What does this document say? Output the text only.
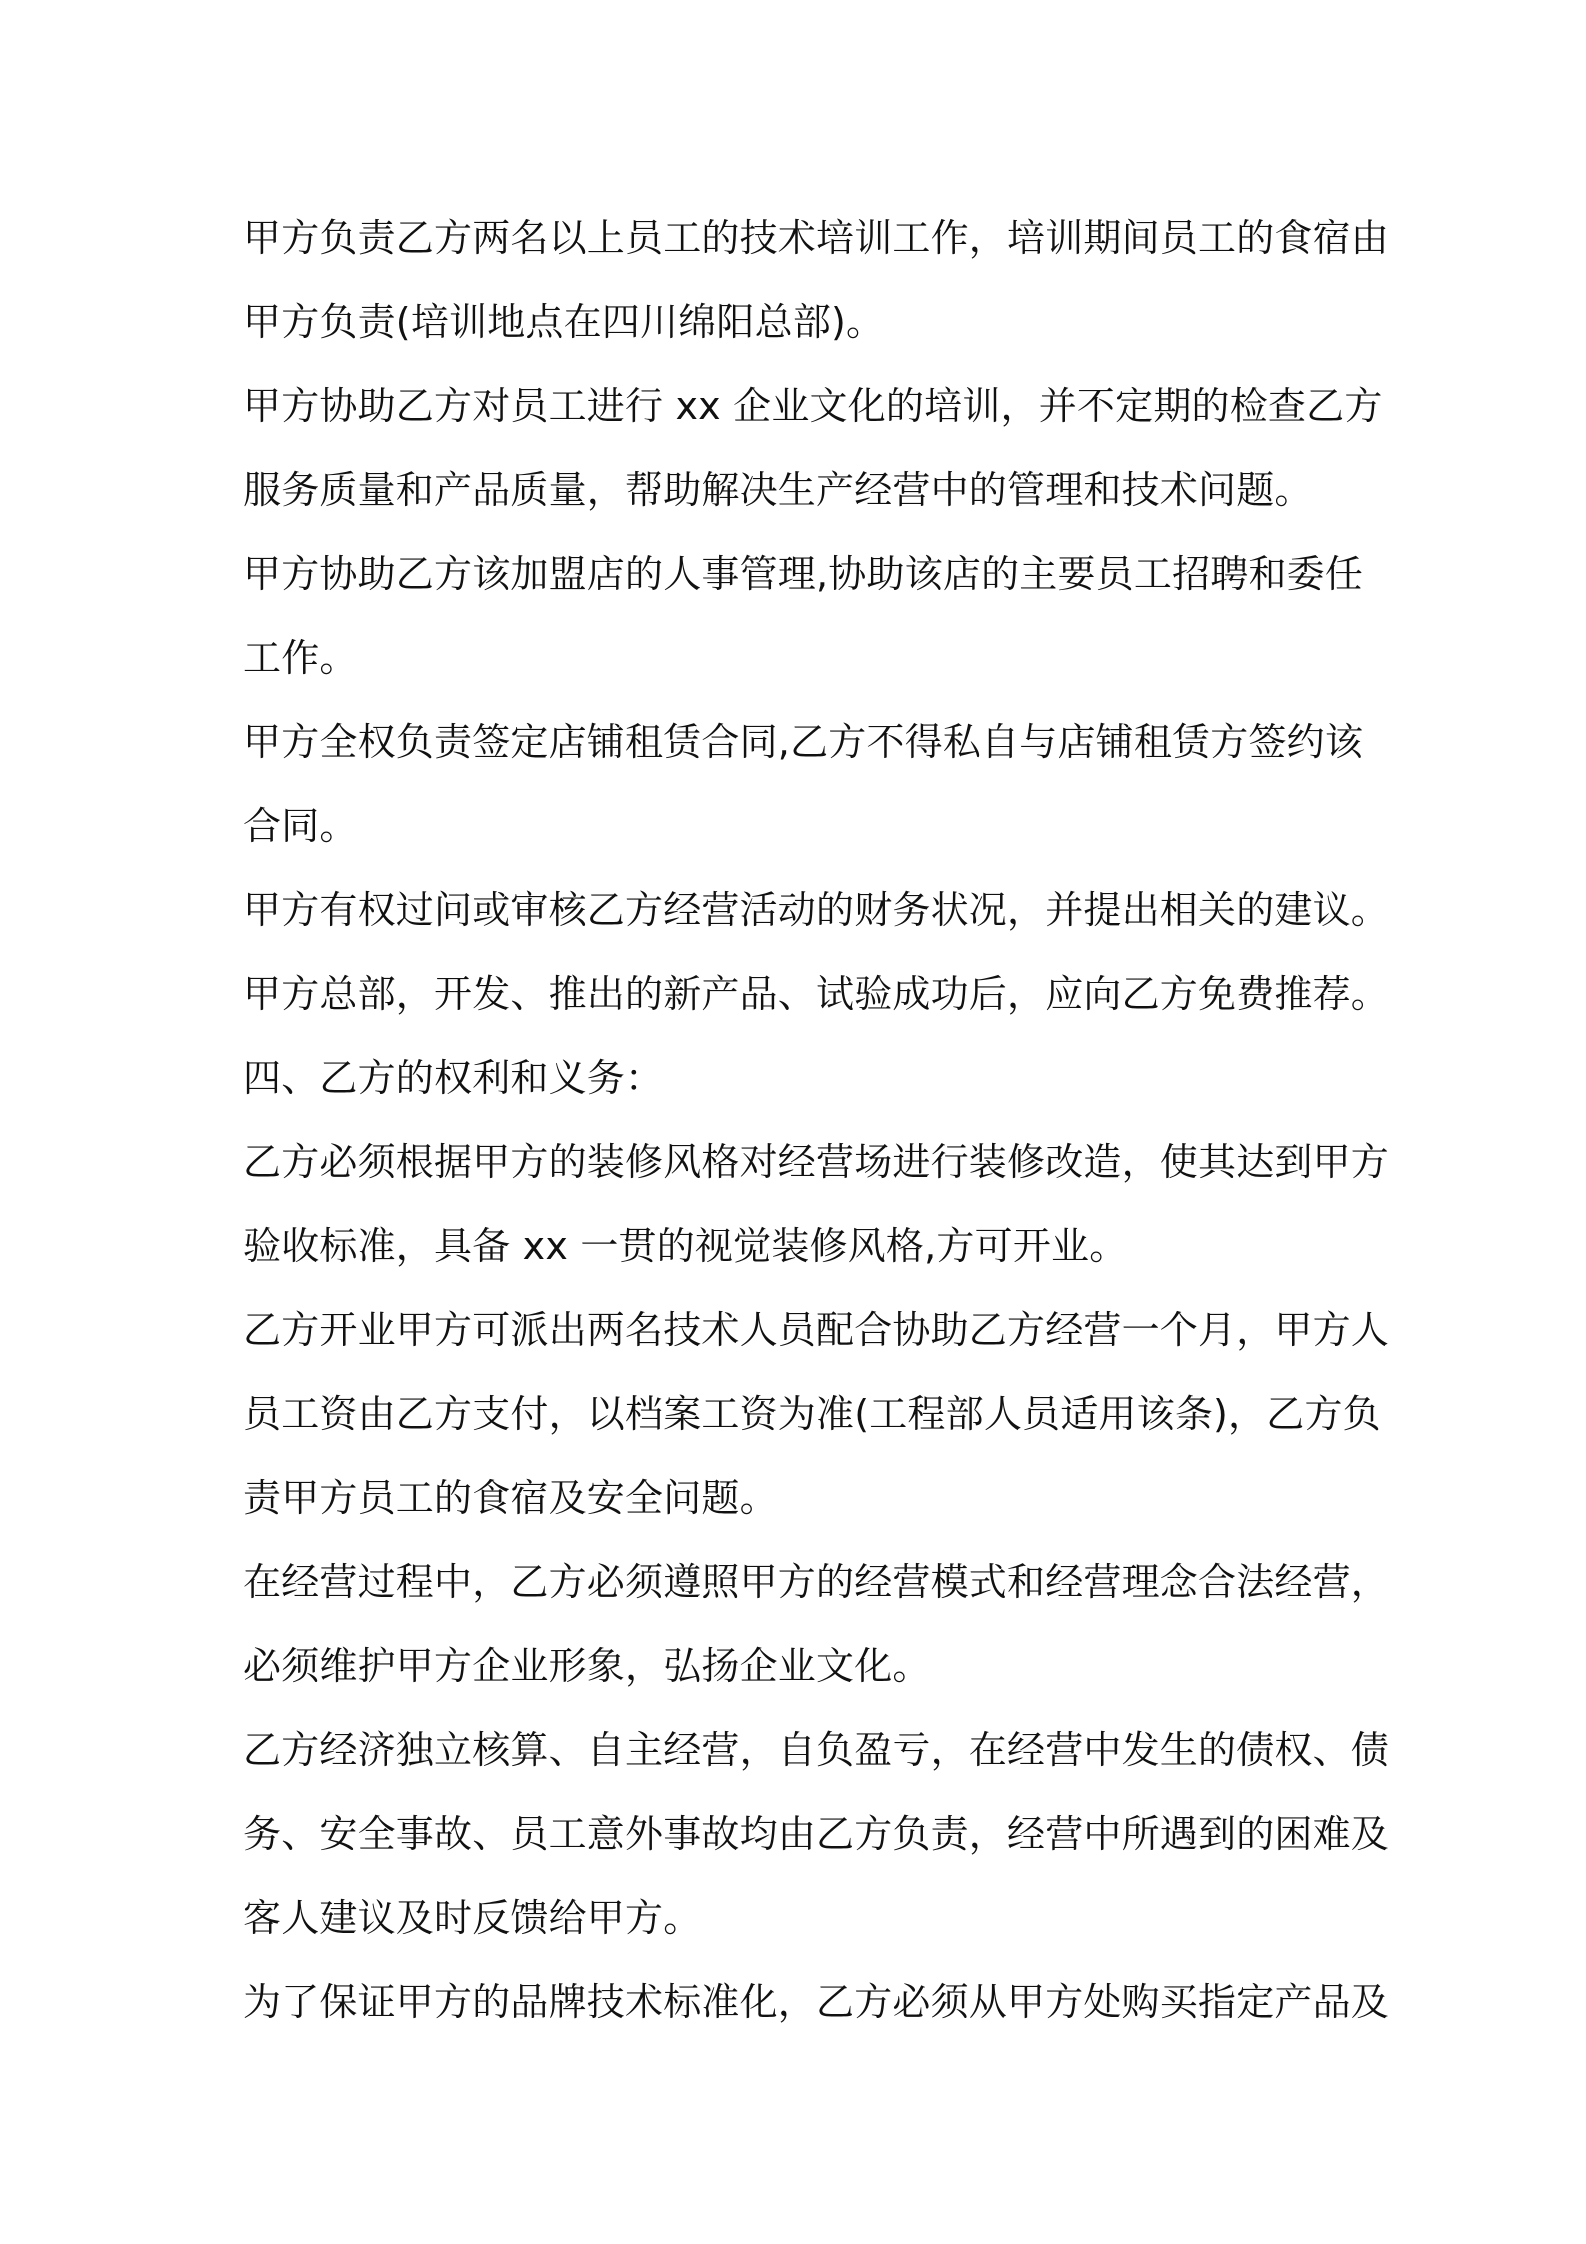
甲方负责乙方两名以上员工的技术培训工作，培训期间员工的食宿由
甲方负责(培训地点在四川绵阳总部)。
甲方协助乙方对员工进行 xx 企业文化的培训，并不定期的检查乙方
服务质量和产品质量，帮助解决生产经营中的管理和技术问题。
甲方协助乙方该加盟店的人事管理,协助该店的主要员工招聘和委任
工作。
甲方全权负责签定店铺租赁合同,乙方不得私自与店铺租赁方签约该
合同。
甲方有权过问或审核乙方经营活动的财务状况，并提出相关的建议。
甲方总部，开发、推出的新产品、试验成功后，应向乙方免费推荐。
四、乙方的权利和义务：
乙方必须根据甲方的装修风格对经营场进行装修改造，使其达到甲方
验收标准，具备 xx 一贯的视觉装修风格,方可开业。
乙方开业甲方可派出两名技术人员配合协助乙方经营一个月，甲方人
员工资由乙方支付，以档案工资为准(工程部人员适用该条)，乙方负
责甲方员工的食宿及安全问题。
在经营过程中，乙方必须遵照甲方的经营模式和经营理念合法经营，
必须维护甲方企业形象，弘扬企业文化。
乙方经济独立核算、自主经营，自负盈亏，在经营中发生的债权、债
务、安全事故、员工意外事故均由乙方负责，经营中所遇到的困难及
客人建议及时反馈给甲方。
为了保证甲方的品牌技术标准化，乙方必须从甲方处购买指定产品及
